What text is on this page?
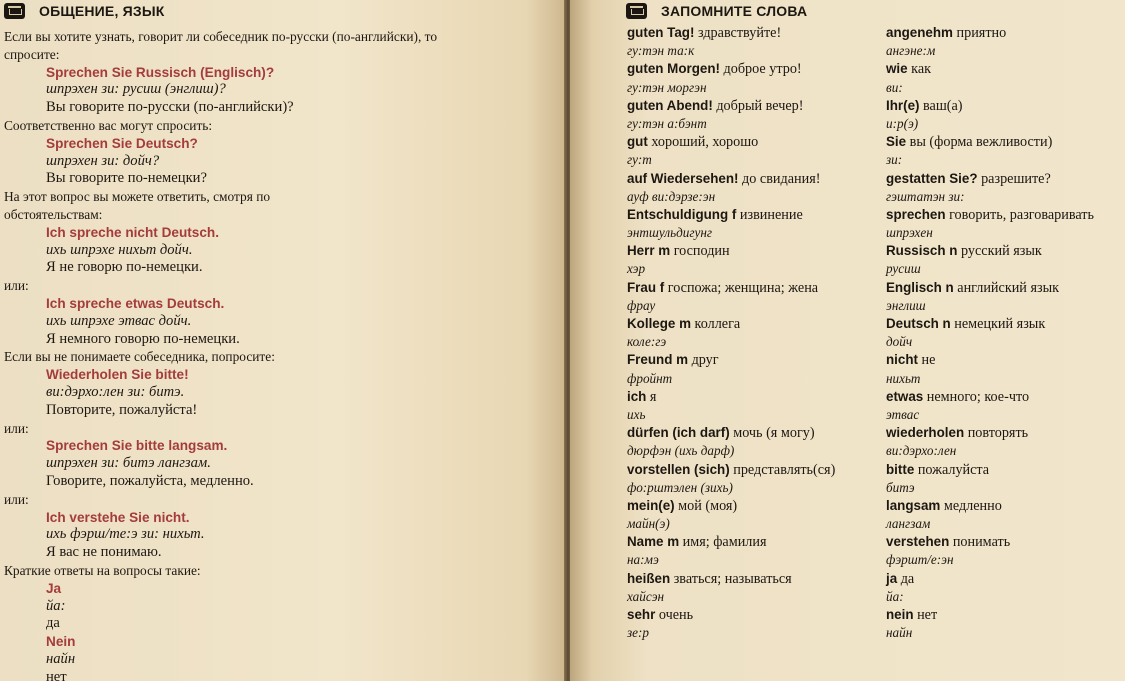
ОБЩЕНИЕ, ЯЗЫК
Если вы хотите узнать, говорит ли собеседник по-русски (по-английски), то
спросите:
Sprechen Sie Russisch (Englisch)?
шпрэхен зи: русиш (энглиш)?
Вы говорите по-русски (по-английски)?
Соответственно вас могут спросить:
Sprechen Sie Deutsch?
шпрэхен зи: дойч?
Вы говорите по-немецки?
На этот вопрос вы можете ответить, смотря по
обстоятельствам:
Ich spreche nicht Deutsch.
ихь шпрэхе нихьт дойч.
Я не говорю по-немецки.
или:
Ich spreche etwas Deutsch.
ихь шпрэхе этвас дойч.
Я немного говорю по-немецки.
Если вы не понимаете собеседника, попросите:
Wiederholen Sie bitte!
ви:дэрхо:лен зи: битэ.
Повторите, пожалуйста!
или:
Sprechen Sie bitte langsam.
шпрэхен зи: битэ лангзам.
Говорите, пожалуйста, медленно.
или:
Ich verstehe Sie nicht.
ихь фэрш/те:э зи: нихьт.
Я вас не понимаю.
Краткие ответы на вопросы такие:
Ja
йа:
да
Nein
найн
нет
ЗАПОМНИТЕ СЛОВА
guten Tag! здравствуйте!
гу:тэн та:к
guten Morgen! доброе утро!
гу:тэн моргэн
guten Abend! добрый вечер!
гу:тэн а:бэнт
gut хороший, хорошо
гу:т
auf Wiedersehen! до свидания!
ауф ви:дэрзе:эн
Entschuldigung f извинение
энтшульдигунг
Herr m господин
хэр
Frau f госпожа; женщина; жена
фрау
Kollege m коллега
коле:гэ
Freund m друг
фройнт
ich я
ихь
dürfen (ich darf) мочь (я могу)
дюрфэн (ихь дарф)
vorstellen (sich) представлять(ся)
фо:рштэлен (зихь)
mein(e) мой (моя)
майн(э)
Name m имя; фамилия
на:мэ
heißen зваться; называться
хайсэн
sehr очень
зе:р
angenehm приятно
ангэне:м
wie как
ви:
Ihr(e) ваш(а)
и:р(э)
Sie вы (форма вежливости)
зи:
gestatten Sie? разрешите?
гэштатэн зи:
sprechen говорить, разговаривать
шпрэхен
Russisch n русский язык
русиш
Englisch n английский язык
энглиш
Deutsch n немецкий язык
дойч
nicht не
нихьт
etwas немного; кое-что
этвас
wiederholen повторять
ви:дэрхо:лен
bitte пожалуйста
битэ
langsam медленно
лангзам
verstehen понимать
фэршт/е:эн
ja да
йа:
nein нет
найн
